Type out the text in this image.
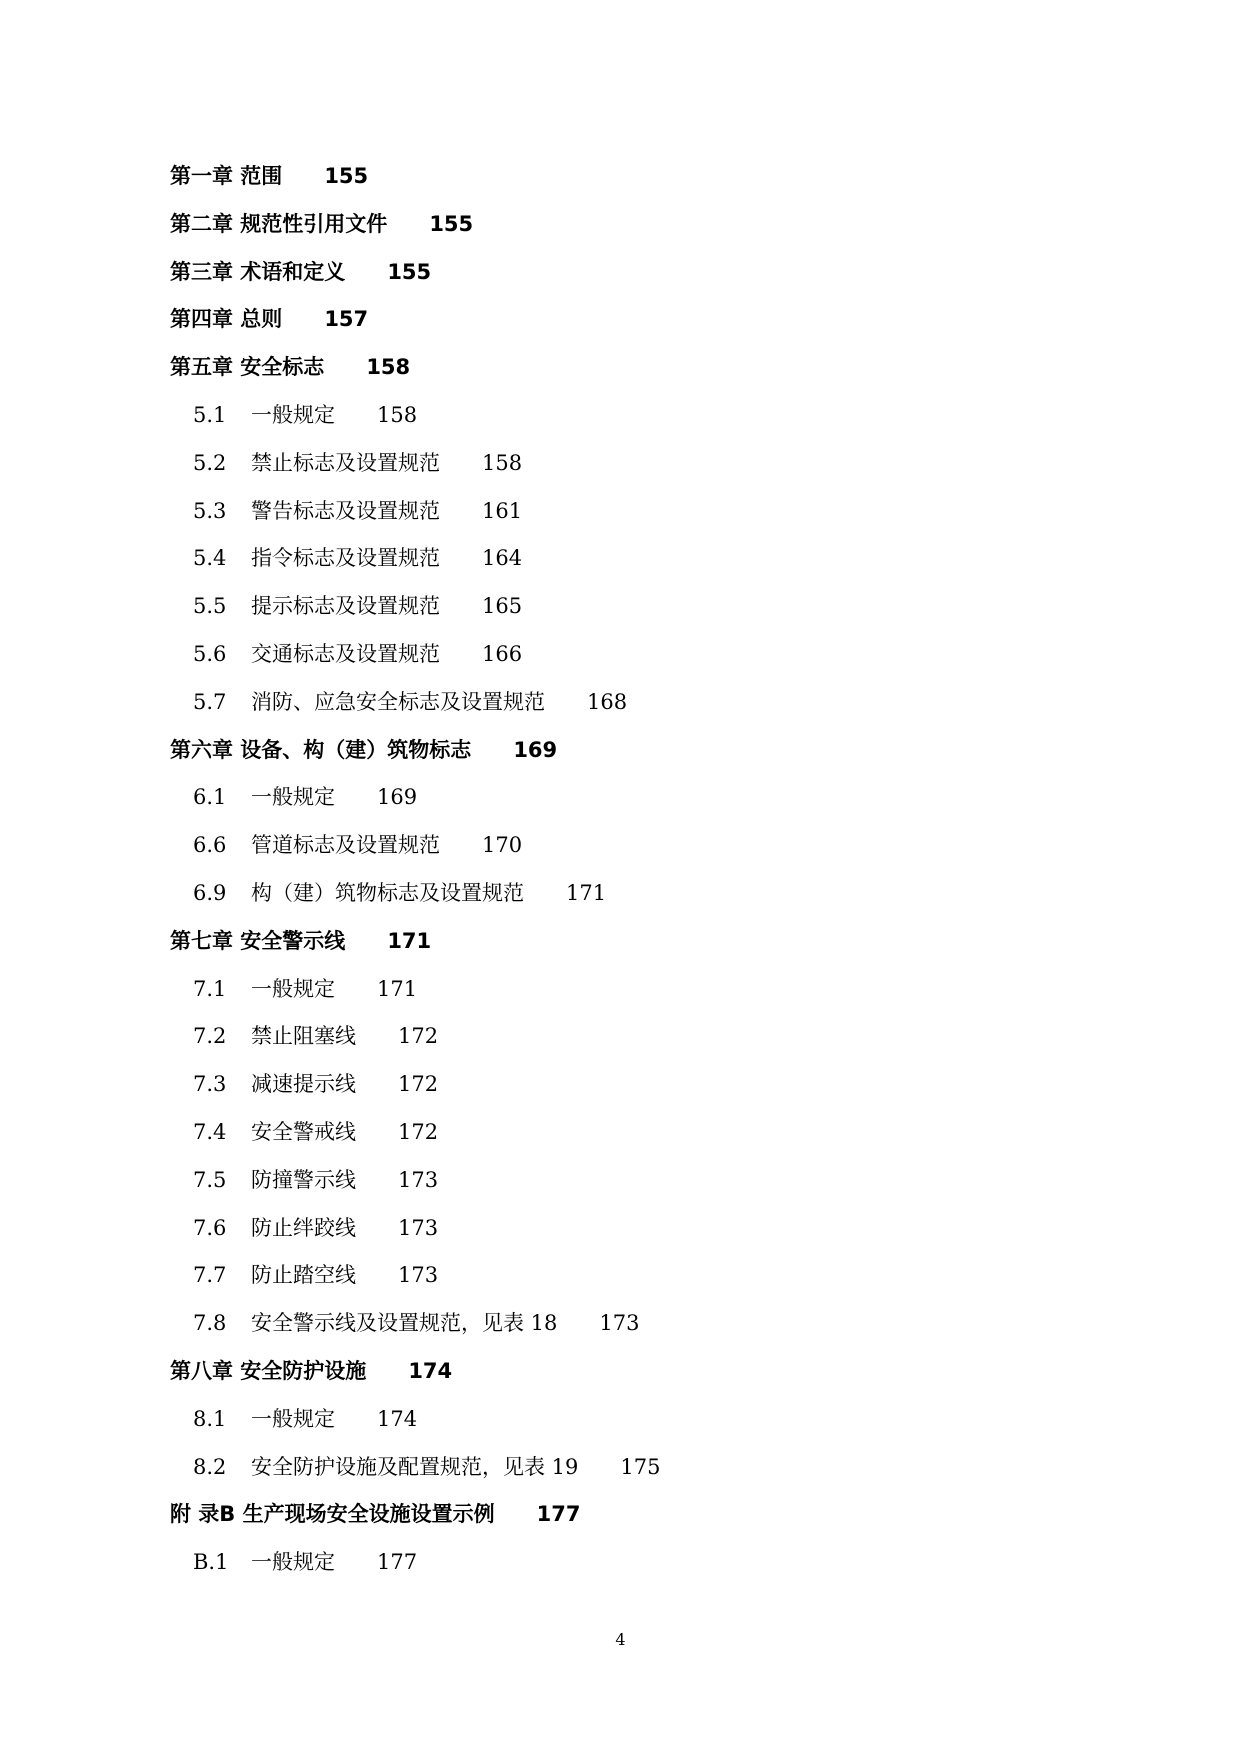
第一章 范围 155
第二章 规范性引用文件 155
第三章 术语和定义 155
第四章 总则 157
第五章 安全标志 158
5.1 一般规定 158
5.2 禁止标志及设置规范 158
5.3 警告标志及设置规范 161
5.4 指令标志及设置规范 164
5.5 提示标志及设置规范 165
5.6 交通标志及设置规范 166
5.7 消防、应急安全标志及设置规范 168
第六章 设备、构（建）筑物标志 169
6.1 一般规定 169
6.6 管道标志及设置规范 170
6.9 构（建）筑物标志及设置规范 171
第七章 安全警示线 171
7.1 一般规定 171
7.2 禁止阻塞线 172
7.3 减速提示线 172
7.4 安全警戒线 172
7.5 防撞警示线 173
7.6 防止绊跤线 173
7.7 防止踏空线 173
7.8 安全警示线及设置规范，见表 18 173
第八章 安全防护设施 174
8.1 一般规定 174
8.2 安全防护设施及配置规范，见表 19 175
附 录B 生产现场安全设施设置示例 177
B.1 一般规定 177
4
